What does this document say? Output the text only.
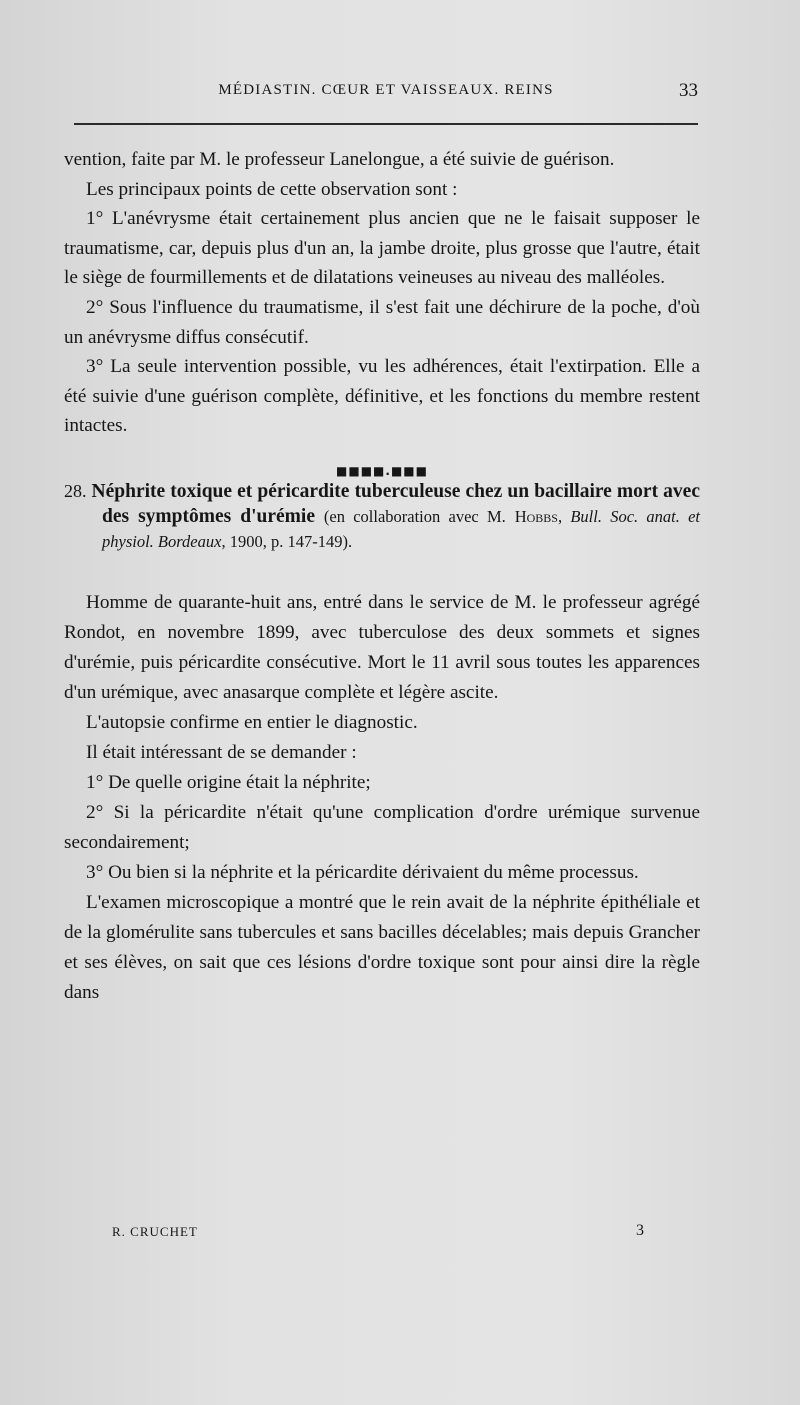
MÉDIASTIN. CŒUR ET VAISSEAUX. REINS	33

vention, faite par M. le professeur Lanelongue, a été suivie de guérison.

Les principaux points de cette observation sont :

1° L'anévrysme était certainement plus ancien que ne le faisait supposer le traumatisme, car, depuis plus d'un an, la jambe droite, plus grosse que l'autre, était le siège de fourmillements et de dilatations veineuses au niveau des malléoles.

2° Sous l'influence du traumatisme, il s'est fait une déchirure de la poche, d'où un anévrysme diffus consécutif.

3° La seule intervention possible, vu les adhérences, était l'extirpation. Elle a été suivie d'une guérison complète, définitive, et les fonctions du membre restent intactes.

■■■■.■■■

28. Néphrite toxique et péricardite tuberculeuse chez un bacillaire mort avec des symptômes d'urémie (en collaboration avec M. Hobbs, Bull. Soc. anat. et physiol. Bordeaux, 1900, p. 147-149).

Homme de quarante-huit ans, entré dans le service de M. le professeur agrégé Rondot, en novembre 1899, avec tuberculose des deux sommets et signes d'urémie, puis péricardite consécutive. Mort le 11 avril sous toutes les apparences d'un urémique, avec anasarque complète et légère ascite.

L'autopsie confirme en entier le diagnostic.

Il était intéressant de se demander :

1° De quelle origine était la néphrite;

2° Si la péricardite n'était qu'une complication d'ordre urémique survenue secondairement;

3° Ou bien si la néphrite et la péricardite dérivaient du même processus.

L'examen microscopique a montré que le rein avait de la néphrite épithéliale et de la glomérulite sans tubercules et sans bacilles décelables; mais depuis Grancher et ses élèves, on sait que ces lésions d'ordre toxique sont pour ainsi dire la règle dans

R. CRUCHET	3
